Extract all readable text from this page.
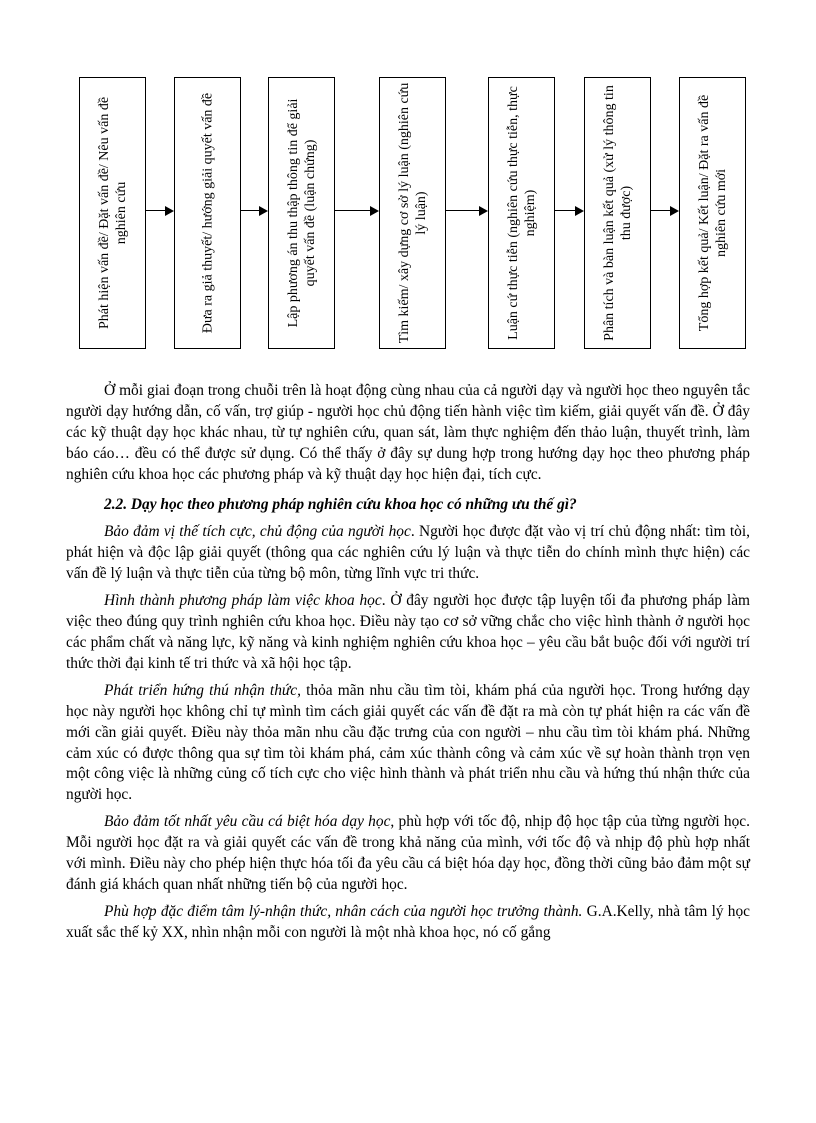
Phát hiện vấn đề/ Đặt vấn đề/ Nêu vấn đề nghiên cứu	Đưa ra giả thuyết/ hướng giải quyết vấn đề	Lập phương án thu thập thông tin để giải quyết vấn đề (luận chứng)	Tìm kiếm/ xây dựng cơ sở lý luận (nghiên cứu lý luận)	Luận cứ thực tiễn (nghiên cứu thực tiễn, thực nghiệm)	Phân tích và bàn luận kết quả (xử lý thông tin thu được)	Tổng hợp kết quả/ Kết luận/ Đặt ra vấn đề nghiên cứu mới

Ở mỗi giai đoạn trong chuỗi trên là hoạt động cùng nhau của cả người dạy và người học theo nguyên tắc người dạy hướng dẫn, cố vấn, trợ giúp - người học chủ động tiến hành việc tìm kiếm, giải quyết vấn đề. Ở đây các kỹ thuật dạy học khác nhau, từ tự nghiên cứu, quan sát, làm thực nghiệm đến thảo luận, thuyết trình, làm báo cáo… đều có thể được sử dụng. Có thể thấy ở đây sự dung hợp trong hướng dạy học theo phương pháp nghiên cứu khoa học các phương pháp và kỹ thuật dạy học hiện đại, tích cực.

2.2. Dạy học theo phương pháp nghiên cứu khoa học có những ưu thế gì?

Bảo đảm vị thế tích cực, chủ động của người học. Người học được đặt vào vị trí chủ động nhất: tìm tòi, phát hiện và độc lập giải quyết (thông qua các nghiên cứu lý luận và thực tiễn do chính mình thực hiện) các vấn đề lý luận và thực tiễn của từng bộ môn, từng lĩnh vực tri thức.

Hình thành phương pháp làm việc khoa học. Ở đây người học được tập luyện tối đa phương pháp làm việc theo đúng quy trình nghiên cứu khoa học. Điều này tạo cơ sở vững chắc cho việc hình thành ở người học các phẩm chất và năng lực, kỹ năng và kinh nghiệm nghiên cứu khoa học – yêu cầu bắt buộc đối với người trí thức thời đại kinh tế tri thức và xã hội học tập.

Phát triển hứng thú nhận thức, thỏa mãn nhu cầu tìm tòi, khám phá của người học. Trong hướng dạy học này người học không chỉ tự mình tìm cách giải quyết các vấn đề đặt ra mà còn tự phát hiện ra các vấn đề mới cần giải quyết. Điều này thỏa mãn nhu cầu đặc trưng của con người – nhu cầu tìm tòi khám phá. Những cảm xúc có được thông qua sự tìm tòi khám phá, cảm xúc thành công và cảm xúc về sự hoàn thành trọn vẹn một công việc là những củng cố tích cực cho việc hình thành và phát triển nhu cầu và hứng thú nhận thức của người học.

Bảo đảm tốt nhất yêu cầu cá biệt hóa dạy học, phù hợp với tốc độ, nhịp độ học tập của từng người học. Mỗi người học đặt ra và giải quyết các vấn đề trong khả năng của mình, với tốc độ và nhịp độ phù hợp nhất với mình. Điều này cho phép hiện thực hóa tối đa yêu cầu cá biệt hóa dạy học, đồng thời cũng bảo đảm một sự đánh giá khách quan nhất những tiến bộ của người học.

Phù hợp đặc điểm tâm lý-nhận thức, nhân cách của người học trưởng thành. G.A.Kelly, nhà tâm lý học xuất sắc thế kỷ XX, nhìn nhận mỗi con người là một nhà khoa học, nó cố gắng
